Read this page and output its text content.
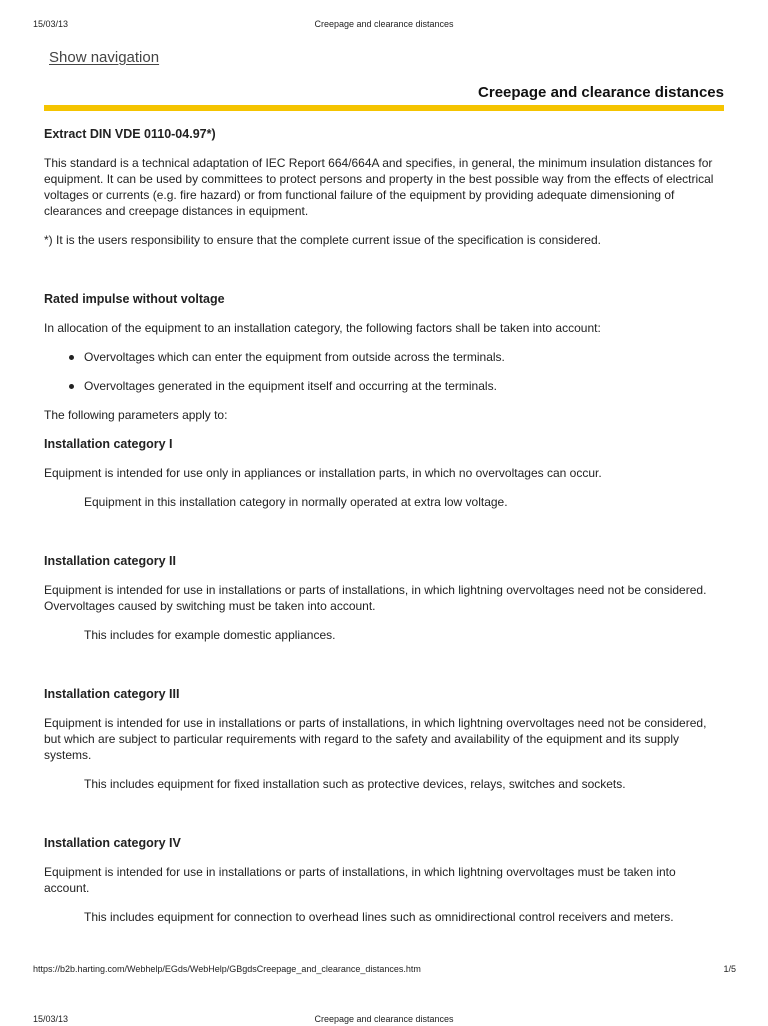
15/03/13	Creepage and clearance distances
Show navigation
Creepage and clearance distances

Extract DIN VDE 0110-04.97*)

This standard is a technical adaptation of IEC Report 664/664A and specifies, in general, the minimum insulation distances for equipment. It can be used by committees to protect persons and property in the best possible way from the effects of electrical voltages or currents (e.g. fire hazard) or from functional failure of the equipment by providing adequate dimensioning of clearances and creepage distances in equipment.

*) It is the users responsibility to ensure that the complete current issue of the specification is considered.

Rated impulse without voltage

In allocation of the equipment to an installation category, the following factors shall be taken into account:

Overvoltages which can enter the equipment from outside across the terminals.
Overvoltages generated in the equipment itself and occurring at the terminals.

The following parameters apply to:

Installation category I

Equipment is intended for use only in appliances or installation parts, in which no overvoltages can occur.

Equipment in this installation category in normally operated at extra low voltage.

Installation category II

Equipment is intended for use in installations or parts of installations, in which lightning overvoltages need not be considered. Overvoltages caused by switching must be taken into account.

This includes for example domestic appliances.

Installation category III

Equipment is intended for use in installations or parts of installations, in which lightning overvoltages need not be considered, but which are subject to particular requirements with regard to the safety and availability of the equipment and its supply systems.

This includes equipment for fixed installation such as protective devices, relays, switches and sockets.

Installation category IV

Equipment is intended for use in installations or parts of installations, in which lightning overvoltages must be taken into account.

This includes equipment for connection to overhead lines such as omnidirectional control receivers and meters.

https://b2b.harting.com/Webhelp/EGds/WebHelp/GBgdsCreepage_and_clearance_distances.htm	1/5
15/03/13	Creepage and clearance distances
